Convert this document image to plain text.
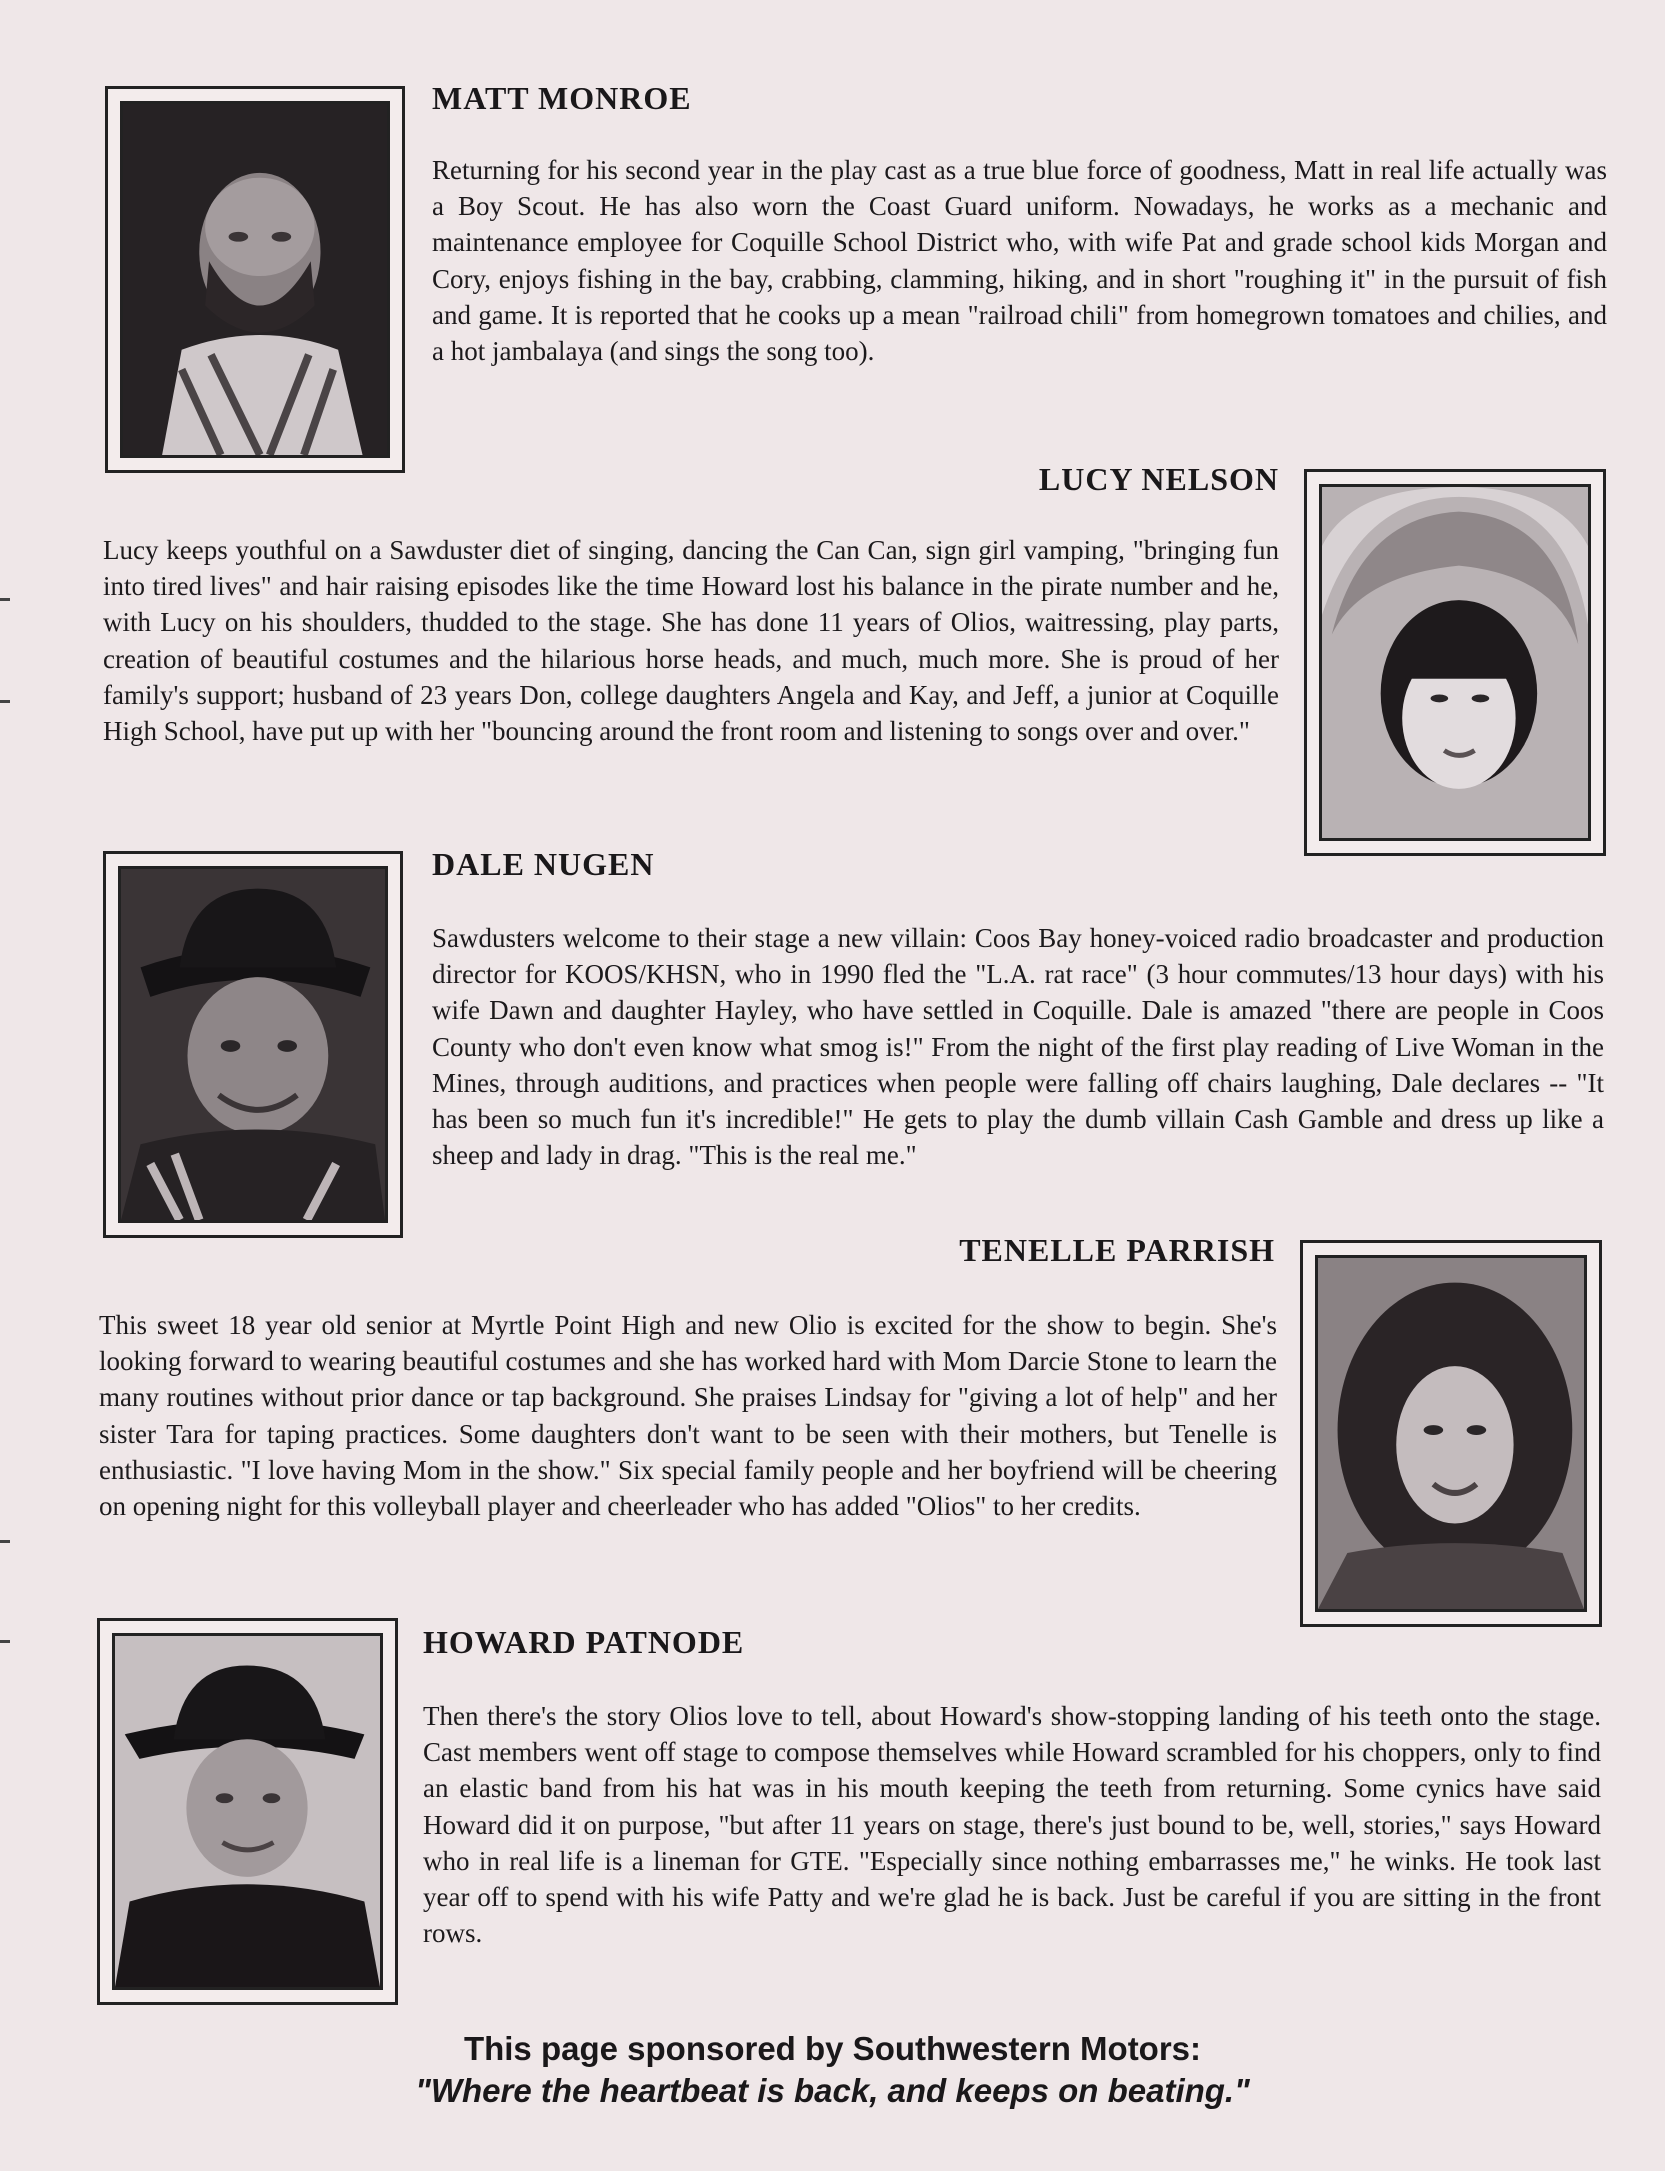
MATT MONROE

Returning for his second year in the play cast as a true blue force of goodness, Matt in real life actually was a Boy Scout. He has also worn the Coast Guard uniform. Nowadays, he works as a mechanic and maintenance employee for Coquille School District who, with wife Pat and grade school kids Morgan and Cory, enjoys fishing in the bay, crabbing, clamming, hiking, and in short "roughing it" in the pursuit of fish and game. It is reported that he cooks up a mean "railroad chili" from homegrown tomatoes and chilies, and a hot jambalaya (and sings the song too).

LUCY NELSON

Lucy keeps youthful on a Sawduster diet of singing, dancing the Can Can, sign girl vamping, "bringing fun into tired lives" and hair raising episodes like the time Howard lost his balance in the pirate number and he, with Lucy on his shoulders, thudded to the stage. She has done 11 years of Olios, waitressing, play parts, creation of beautiful costumes and the hilarious horse heads, and much, much more. She is proud of her family's support; husband of 23 years Don, college daughters Angela and Kay, and Jeff, a junior at Coquille High School, have put up with her "bouncing around the front room and listening to songs over and over."

DALE NUGEN

Sawdusters welcome to their stage a new villain: Coos Bay honey-voiced radio broadcaster and production director for KOOS/KHSN, who in 1990 fled the "L.A. rat race" (3 hour commutes/13 hour days) with his wife Dawn and daughter Hayley, who have settled in Coquille. Dale is amazed "there are people in Coos County who don't even know what smog is!" From the night of the first play reading of Live Woman in the Mines, through auditions, and practices when people were falling off chairs laughing, Dale declares -- "It has been so much fun it's incredible!" He gets to play the dumb villain Cash Gamble and dress up like a sheep and lady in drag. "This is the real me."

TENELLE PARRISH

This sweet 18 year old senior at Myrtle Point High and new Olio is excited for the show to begin. She's looking forward to wearing beautiful costumes and she has worked hard with Mom Darcie Stone to learn the many routines without prior dance or tap background. She praises Lindsay for "giving a lot of help" and her sister Tara for taping practices. Some daughters don't want to be seen with their mothers, but Tenelle is enthusiastic. "I love having Mom in the show." Six special family people and her boyfriend will be cheering on opening night for this volleyball player and cheerleader who has added "Olios" to her credits.

HOWARD PATNODE

Then there's the story Olios love to tell, about Howard's show-stopping landing of his teeth onto the stage. Cast members went off stage to compose themselves while Howard scrambled for his choppers, only to find an elastic band from his hat was in his mouth keeping the teeth from returning. Some cynics have said Howard did it on purpose, "but after 11 years on stage, there's just bound to be, well, stories," says Howard who in real life is a lineman for GTE. "Especially since nothing embarrasses me," he winks. He took last year off to spend with his wife Patty and we're glad he is back. Just be careful if you are sitting in the front rows.

This page sponsored by Southwestern Motors:
"Where the heartbeat is back, and keeps on beating."
